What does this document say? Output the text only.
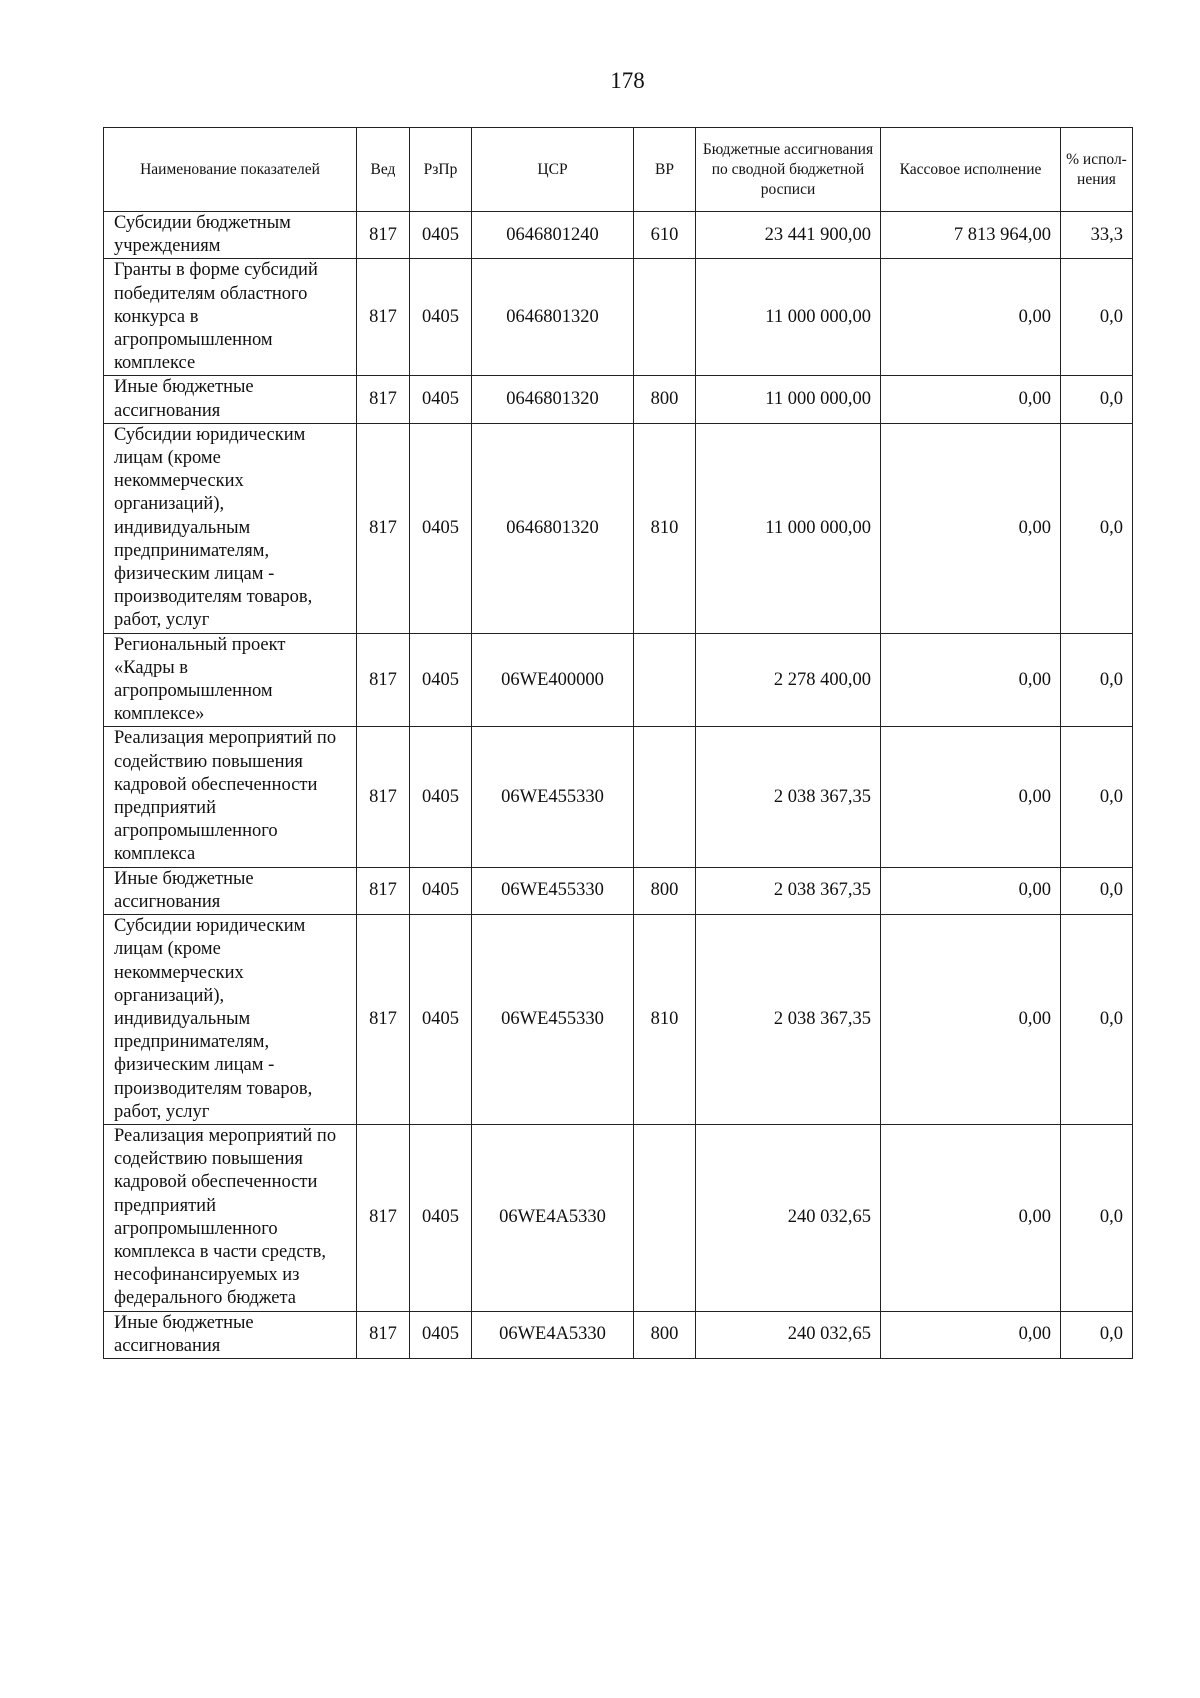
178
Наименование показателей	Вед	РзПр	ЦСР	ВР	Бюджетные ассигнования по сводной бюджетной росписи	Кассовое исполнение	% испол-нения
Субсидии бюджетным учреждениям	817	0405	0646801240	610	23 441 900,00	7 813 964,00	33,3
Гранты в форме субсидий победителям областного конкурса в агропромышленном комплексе	817	0405	0646801320		11 000 000,00	0,00	0,0
Иные бюджетные ассигнования	817	0405	0646801320	800	11 000 000,00	0,00	0,0
Субсидии юридическим лицам (кроме некоммерческих организаций), индивидуальным предпринимателям, физическим лицам - производителям товаров, работ, услуг	817	0405	0646801320	810	11 000 000,00	0,00	0,0
Региональный проект «Кадры в агропромышленном комплексе»	817	0405	06WE400000		2 278 400,00	0,00	0,0
Реализация мероприятий по содействию повышения кадровой обеспеченности предприятий агропромышленного комплекса	817	0405	06WE455330		2 038 367,35	0,00	0,0
Иные бюджетные ассигнования	817	0405	06WE455330	800	2 038 367,35	0,00	0,0
Субсидии юридическим лицам (кроме некоммерческих организаций), индивидуальным предпринимателям, физическим лицам - производителям товаров, работ, услуг	817	0405	06WE455330	810	2 038 367,35	0,00	0,0
Реализация мероприятий по содействию повышения кадровой обеспеченности предприятий агропромышленного комплекса в части средств, несофинансируемых из федерального бюджета	817	0405	06WE4A5330		240 032,65	0,00	0,0
Иные бюджетные ассигнования	817	0405	06WE4A5330	800	240 032,65	0,00	0,0
